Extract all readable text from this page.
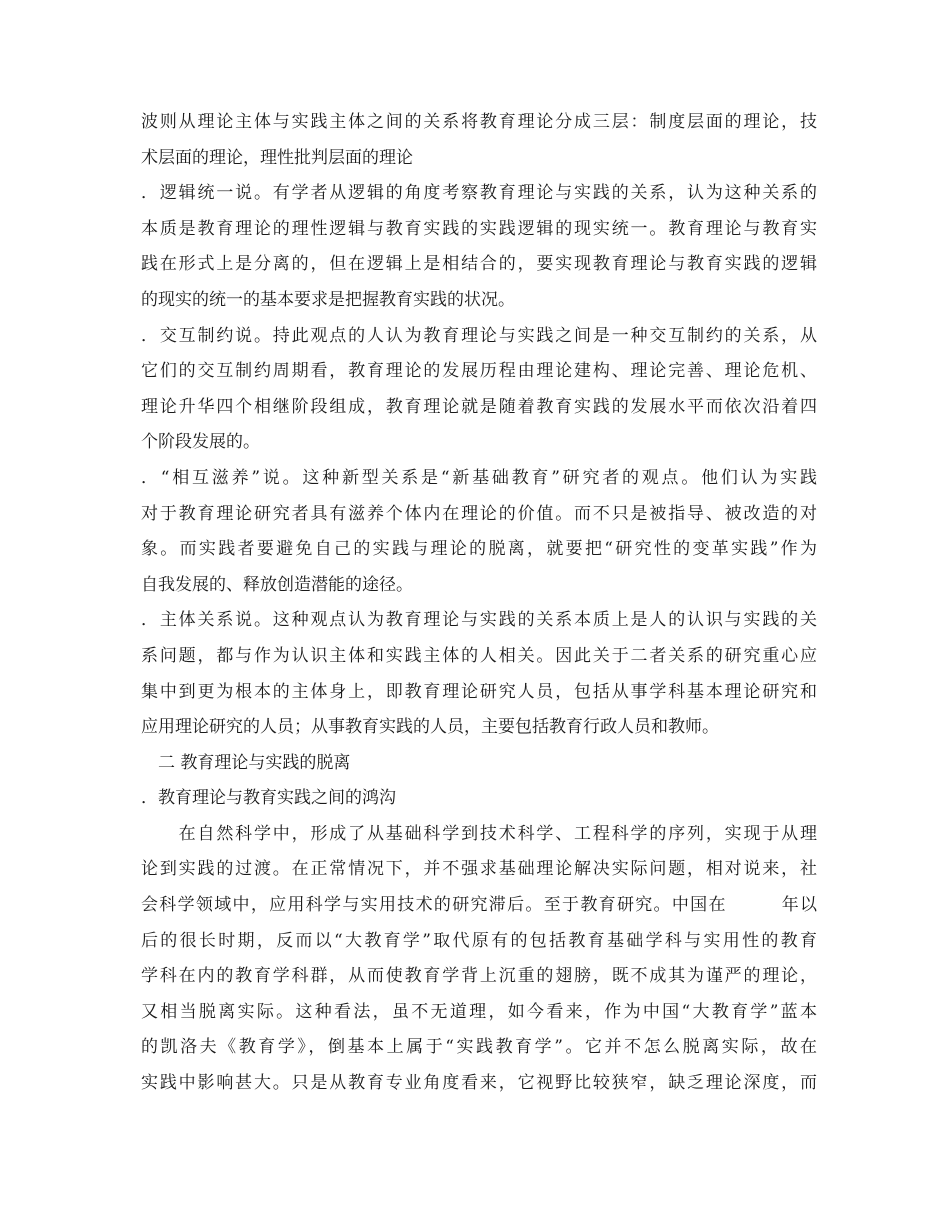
波则从理论主体与实践主体之间的关系将教育理论分成三层：制度层面的理论，技
术层面的理论，理性批判层面的理论
．逻辑统一说。有学者从逻辑的角度考察教育理论与实践的关系，认为这种关系的
本质是教育理论的理性逻辑与教育实践的实践逻辑的现实统一。教育理论与教育实
践在形式上是分离的，但在逻辑上是相结合的，要实现教育理论与教育实践的逻辑
的现实的统一的基本要求是把握教育实践的状况。
．交互制约说。持此观点的人认为教育理论与实践之间是一种交互制约的关系，从
它们的交互制约周期看，教育理论的发展历程由理论建构、理论完善、理论危机、
理论升华四个相继阶段组成，教育理论就是随着教育实践的发展水平而依次沿着四
个阶段发展的。
．“相互滋养”说。这种新型关系是“新基础教育”研究者的观点。他们认为实践
对于教育理论研究者具有滋养个体内在理论的价值。而不只是被指导、被改造的对
象。而实践者要避免自己的实践与理论的脱离，就要把“研究性的变革实践”作为
自我发展的、释放创造潜能的途径。
．主体关系说。这种观点认为教育理论与实践的关系本质上是人的认识与实践的关
系问题，都与作为认识主体和实践主体的人相关。因此关于二者关系的研究重心应
集中到更为根本的主体身上，即教育理论研究人员，包括从事学科基本理论研究和
应用理论研究的人员；从事教育实践的人员，主要包括教育行政人员和教师。
　二 教育理论与实践的脱离
．教育理论与教育实践之间的鸿沟
　　在自然科学中，形成了从基础科学到技术科学、工程科学的序列，实现于从理
论到实践的过渡。在正常情况下，并不强求基础理论解决实际问题，相对说来，社
会科学领域中，应用科学与实用技术的研究滞后。至于教育研究。中国在　　　年以
后的很长时期，反而以“大教育学”取代原有的包括教育基础学科与实用性的教育
学科在内的教育学科群，从而使教育学背上沉重的翅膀，既不成其为谨严的理论，
又相当脱离实际。这种看法，虽不无道理，如今看来，作为中国“大教育学”蓝本
的凯洛夫《教育学》，倒基本上属于“实践教育学”。它并不怎么脱离实际，故在
实践中影响甚大。只是从教育专业角度看来，它视野比较狭窄，缺乏理论深度，而
